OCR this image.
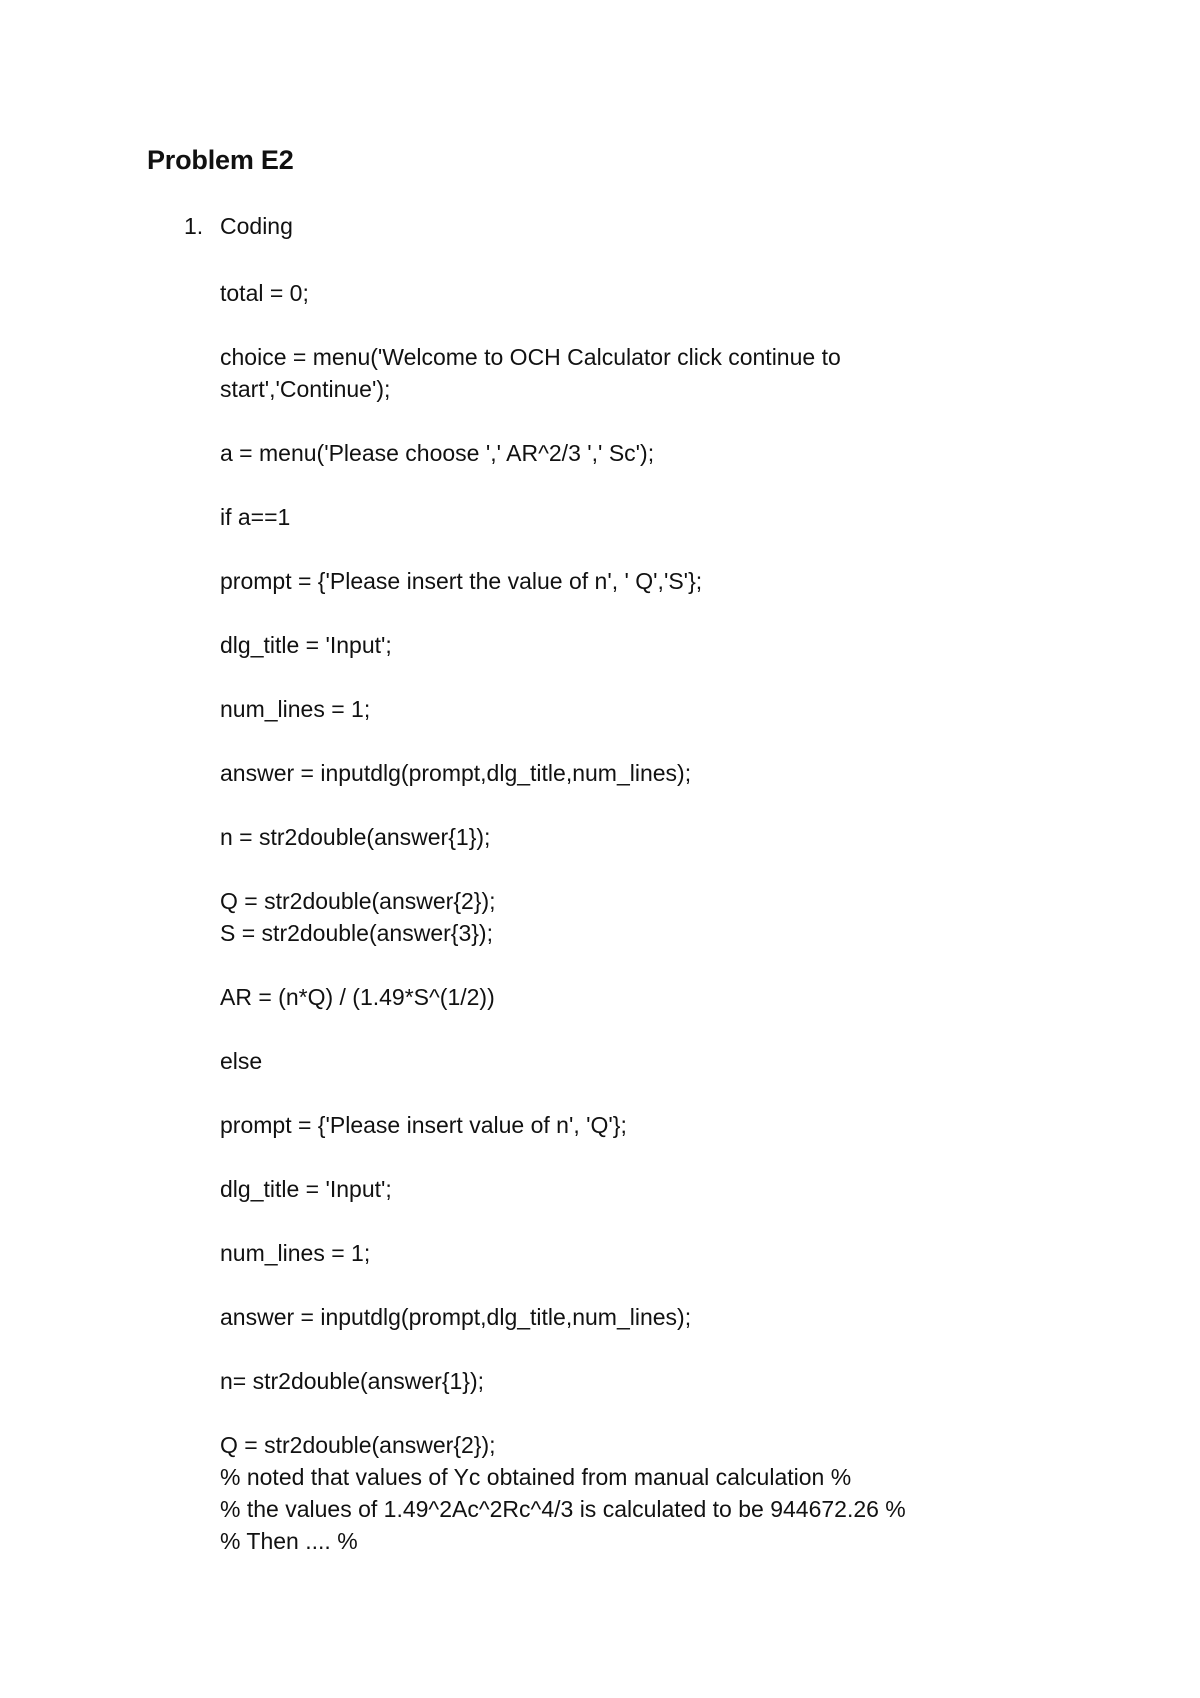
Problem E2
1. Coding
total = 0;
choice = menu('Welcome to OCH Calculator click continue to
start','Continue');
a = menu('Please choose ',' AR^2/3 ',' Sc');
if a==1
prompt = {'Please insert the value of n', ' Q','S'};
dlg_title = 'Input';
num_lines = 1;
answer = inputdlg(prompt,dlg_title,num_lines);
n = str2double(answer{1});
Q = str2double(answer{2});
S = str2double(answer{3});
AR = (n*Q) / (1.49*S^(1/2))
else
prompt = {'Please insert value of n', 'Q'};
dlg_title = 'Input';
num_lines = 1;
answer = inputdlg(prompt,dlg_title,num_lines);
n= str2double(answer{1});
Q = str2double(answer{2});
% noted that values of Yc obtained from manual calculation %
% the values of 1.49^2Ac^2Rc^4/3 is calculated to be 944672.26 %
% Then .... %
